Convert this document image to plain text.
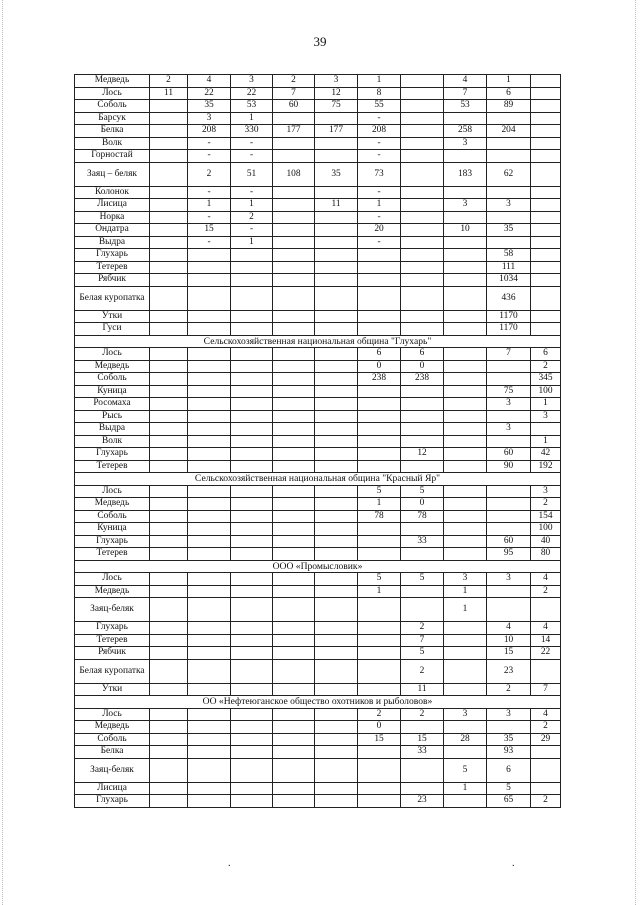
39
Медведь	2	4	3	2	3	1		4	1	
Лось	11	22	22	7	12	8		7	6	
Соболь		35	53	60	75	55		53	89	
Барсук		3	1			-				
Белка		208	330	177	177	208		258	204	
Волк		-	-			-		3		
Горностай		-	-			-				
Заяц – беляк		2	51	108	35	73		183	62	
Колонок		-	-			-				
Лисица		1	1		11	1		3	3	
Норка		-	2			-				
Ондатра		15	-			20		10	35	
Выдра		-	1			-				
Глухарь									58	
Тетерев									111	
Рябчик									1034	
Белая куропатка									436	
Утки									1170	
Гуси									1170	
Сельскохозяйственная национальная община "Глухарь"										
Лось						6	6		7	6
Медведь						0	0			2
Соболь						238	238			345
Куница									75	100
Росомаха									3	1
Рысь										3
Выдра									3	
Волк										1
Глухарь							12		60	42
Тетерев									90	192
Сельскохозяйственная национальная община "Красный Яр"										
Лось						5	5			3
Медведь						1	0			2
Соболь						78	78			154
Куница										100
Глухарь							33		60	40
Тетерев									95	80
ООО «Промысловик»										
Лось						5	5	3	3	4
Медведь						1		1		2
Заяц-беляк								1		
Глухарь							2		4	4
Тетерев							7		10	14
Рябчик							5		15	22
Белая куропатка							2		23	
Утки							11		2	7
ОО «Нефтеюганское общество охотников и рыболовов»										
Лось						2	2	3	3	4
Медведь						0				2
Соболь						15	15	28	35	29
Белка							33		93	
Заяц-беляк								5	6	
Лисица								1	5	
Глухарь							23		65	2
.	.
